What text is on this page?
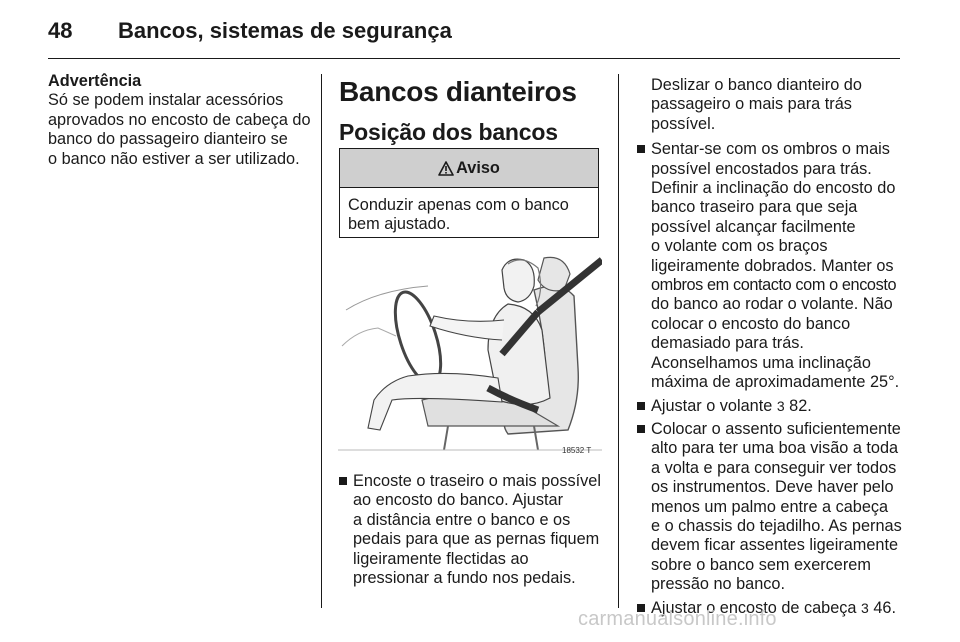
48 Bancos, sistemas de segurança

Advertência

Só se podem instalar acessórios
aprovados no encosto de cabeça do
banco do passageiro dianteiro se
o banco não estiver a ser utilizado.
Bancos dianteiros
Posição dos bancos
Aviso
Conduzir apenas com o banco
bem ajustado.
18532 T
Encoste o traseiro o mais possível
ao encosto do banco. Ajustar
a distância entre o banco e os
pedais para que as pernas fiquem
ligeiramente flectidas ao
pressionar a fundo nos pedais.
Deslizar o banco dianteiro do
passageiro o mais para trás
possível.
Sentar-se com os ombros o mais
possível encostados para trás.
Definir a inclinação do encosto do
banco traseiro para que seja
possível alcançar facilmente
o volante com os braços
ligeiramente dobrados. Manter os
ombros em contacto com o encosto
do banco ao rodar o volante. Não
colocar o encosto do banco
demasiado para trás.
Aconselhamos uma inclinação
máxima de aproximadamente 25°.
Ajustar o volante 3 82.
Colocar o assento suficientemente
alto para ter uma boa visão a toda
a volta e para conseguir ver todos
os instrumentos. Deve haver pelo
menos um palmo entre a cabeça
e o chassis do tejadilho. As pernas
devem ficar assentes ligeiramente
sobre o banco sem exercerem
pressão no banco.
Ajustar o encosto de cabeça 3 46.
carmanualsonline.info
